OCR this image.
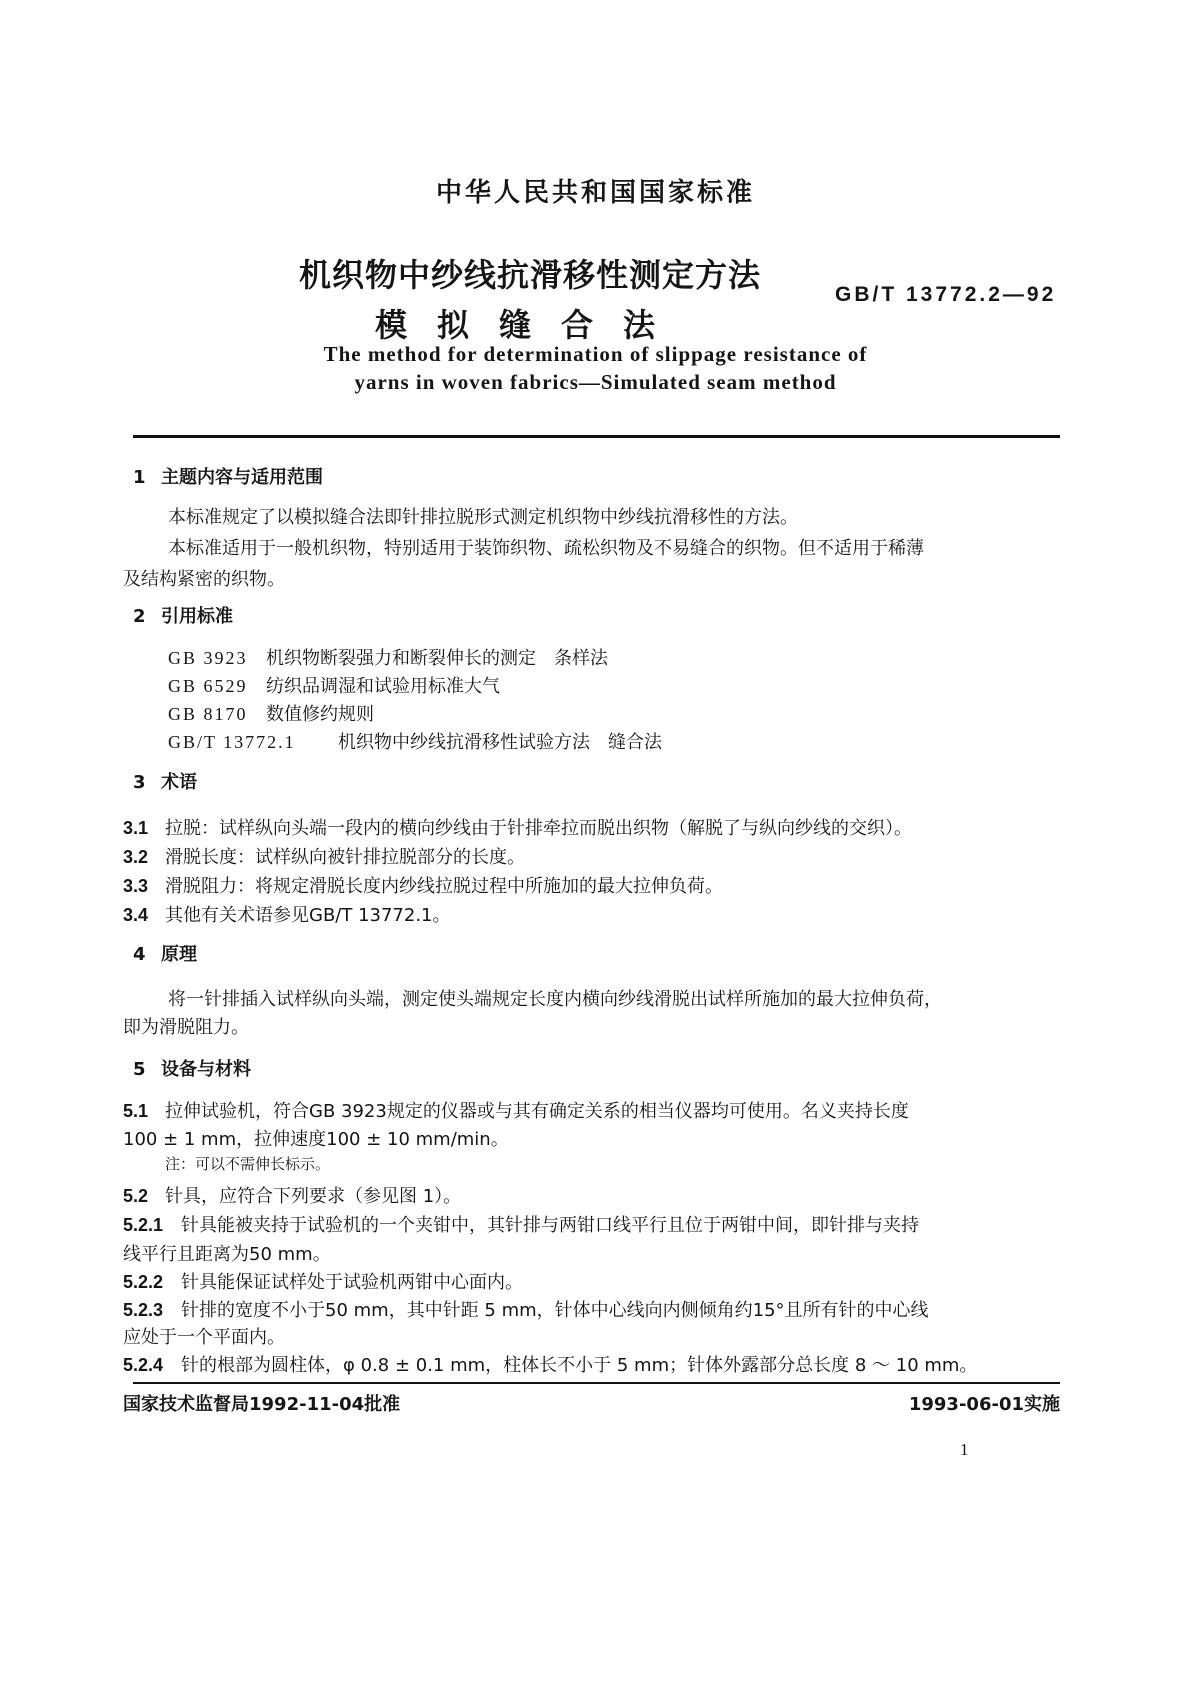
中华人民共和国国家标准
机织物中纱线抗滑移性测定方法
模拟缝合法
GB/T 13772.2—92
The method for determination of slippage resistance of
yarns in woven fabrics—Simulated seam method
1 主题内容与适用范围
本标准规定了以模拟缝合法即针排拉脱形式测定机织物中纱线抗滑移性的方法。
本标准适用于一般机织物，特别适用于装饰织物、疏松织物及不易缝合的织物。但不适用于稀薄
及结构紧密的织物。
2 引用标准
GB 3923 机织物断裂强力和断裂伸长的测定　条样法
GB 6529 纺织品调湿和试验用标准大气
GB 8170 数值修约规则
GB/T 13772.1 机织物中纱线抗滑移性试验方法　缝合法
3 术语
3.1 拉脱：试样纵向头端一段内的横向纱线由于针排牵拉而脱出织物（解脱了与纵向纱线的交织）。
3.2 滑脱长度：试样纵向被针排拉脱部分的长度。
3.3 滑脱阻力：将规定滑脱长度内纱线拉脱过程中所施加的最大拉伸负荷。
3.4 其他有关术语参见GB/T 13772.1。
4 原理
将一针排插入试样纵向头端，测定使头端规定长度内横向纱线滑脱出试样所施加的最大拉伸负荷，
即为滑脱阻力。
5 设备与材料
5.1 拉伸试验机，符合GB 3923规定的仪器或与其有确定关系的相当仪器均可使用。名义夹持长度
100 ± 1 mm，拉伸速度100 ± 10 mm/min。
注：可以不需伸长标示。
5.2 针具，应符合下列要求（参见图 1）。
5.2.1 针具能被夹持于试验机的一个夹钳中，其针排与两钳口线平行且位于两钳中间，即针排与夹持
线平行且距离为50 mm。
5.2.2 针具能保证试样处于试验机两钳中心面内。
5.2.3 针排的宽度不小于50 mm，其中针距 5 mm，针体中心线向内侧倾角约15°且所有针的中心线
应处于一个平面内。
5.2.4 针的根部为圆柱体，φ 0.8 ± 0.1 mm，柱体长不小于 5 mm；针体外露部分总长度 8 ～ 10 mm。
国家技术监督局1992-11-04批准	1993-06-01实施
1
